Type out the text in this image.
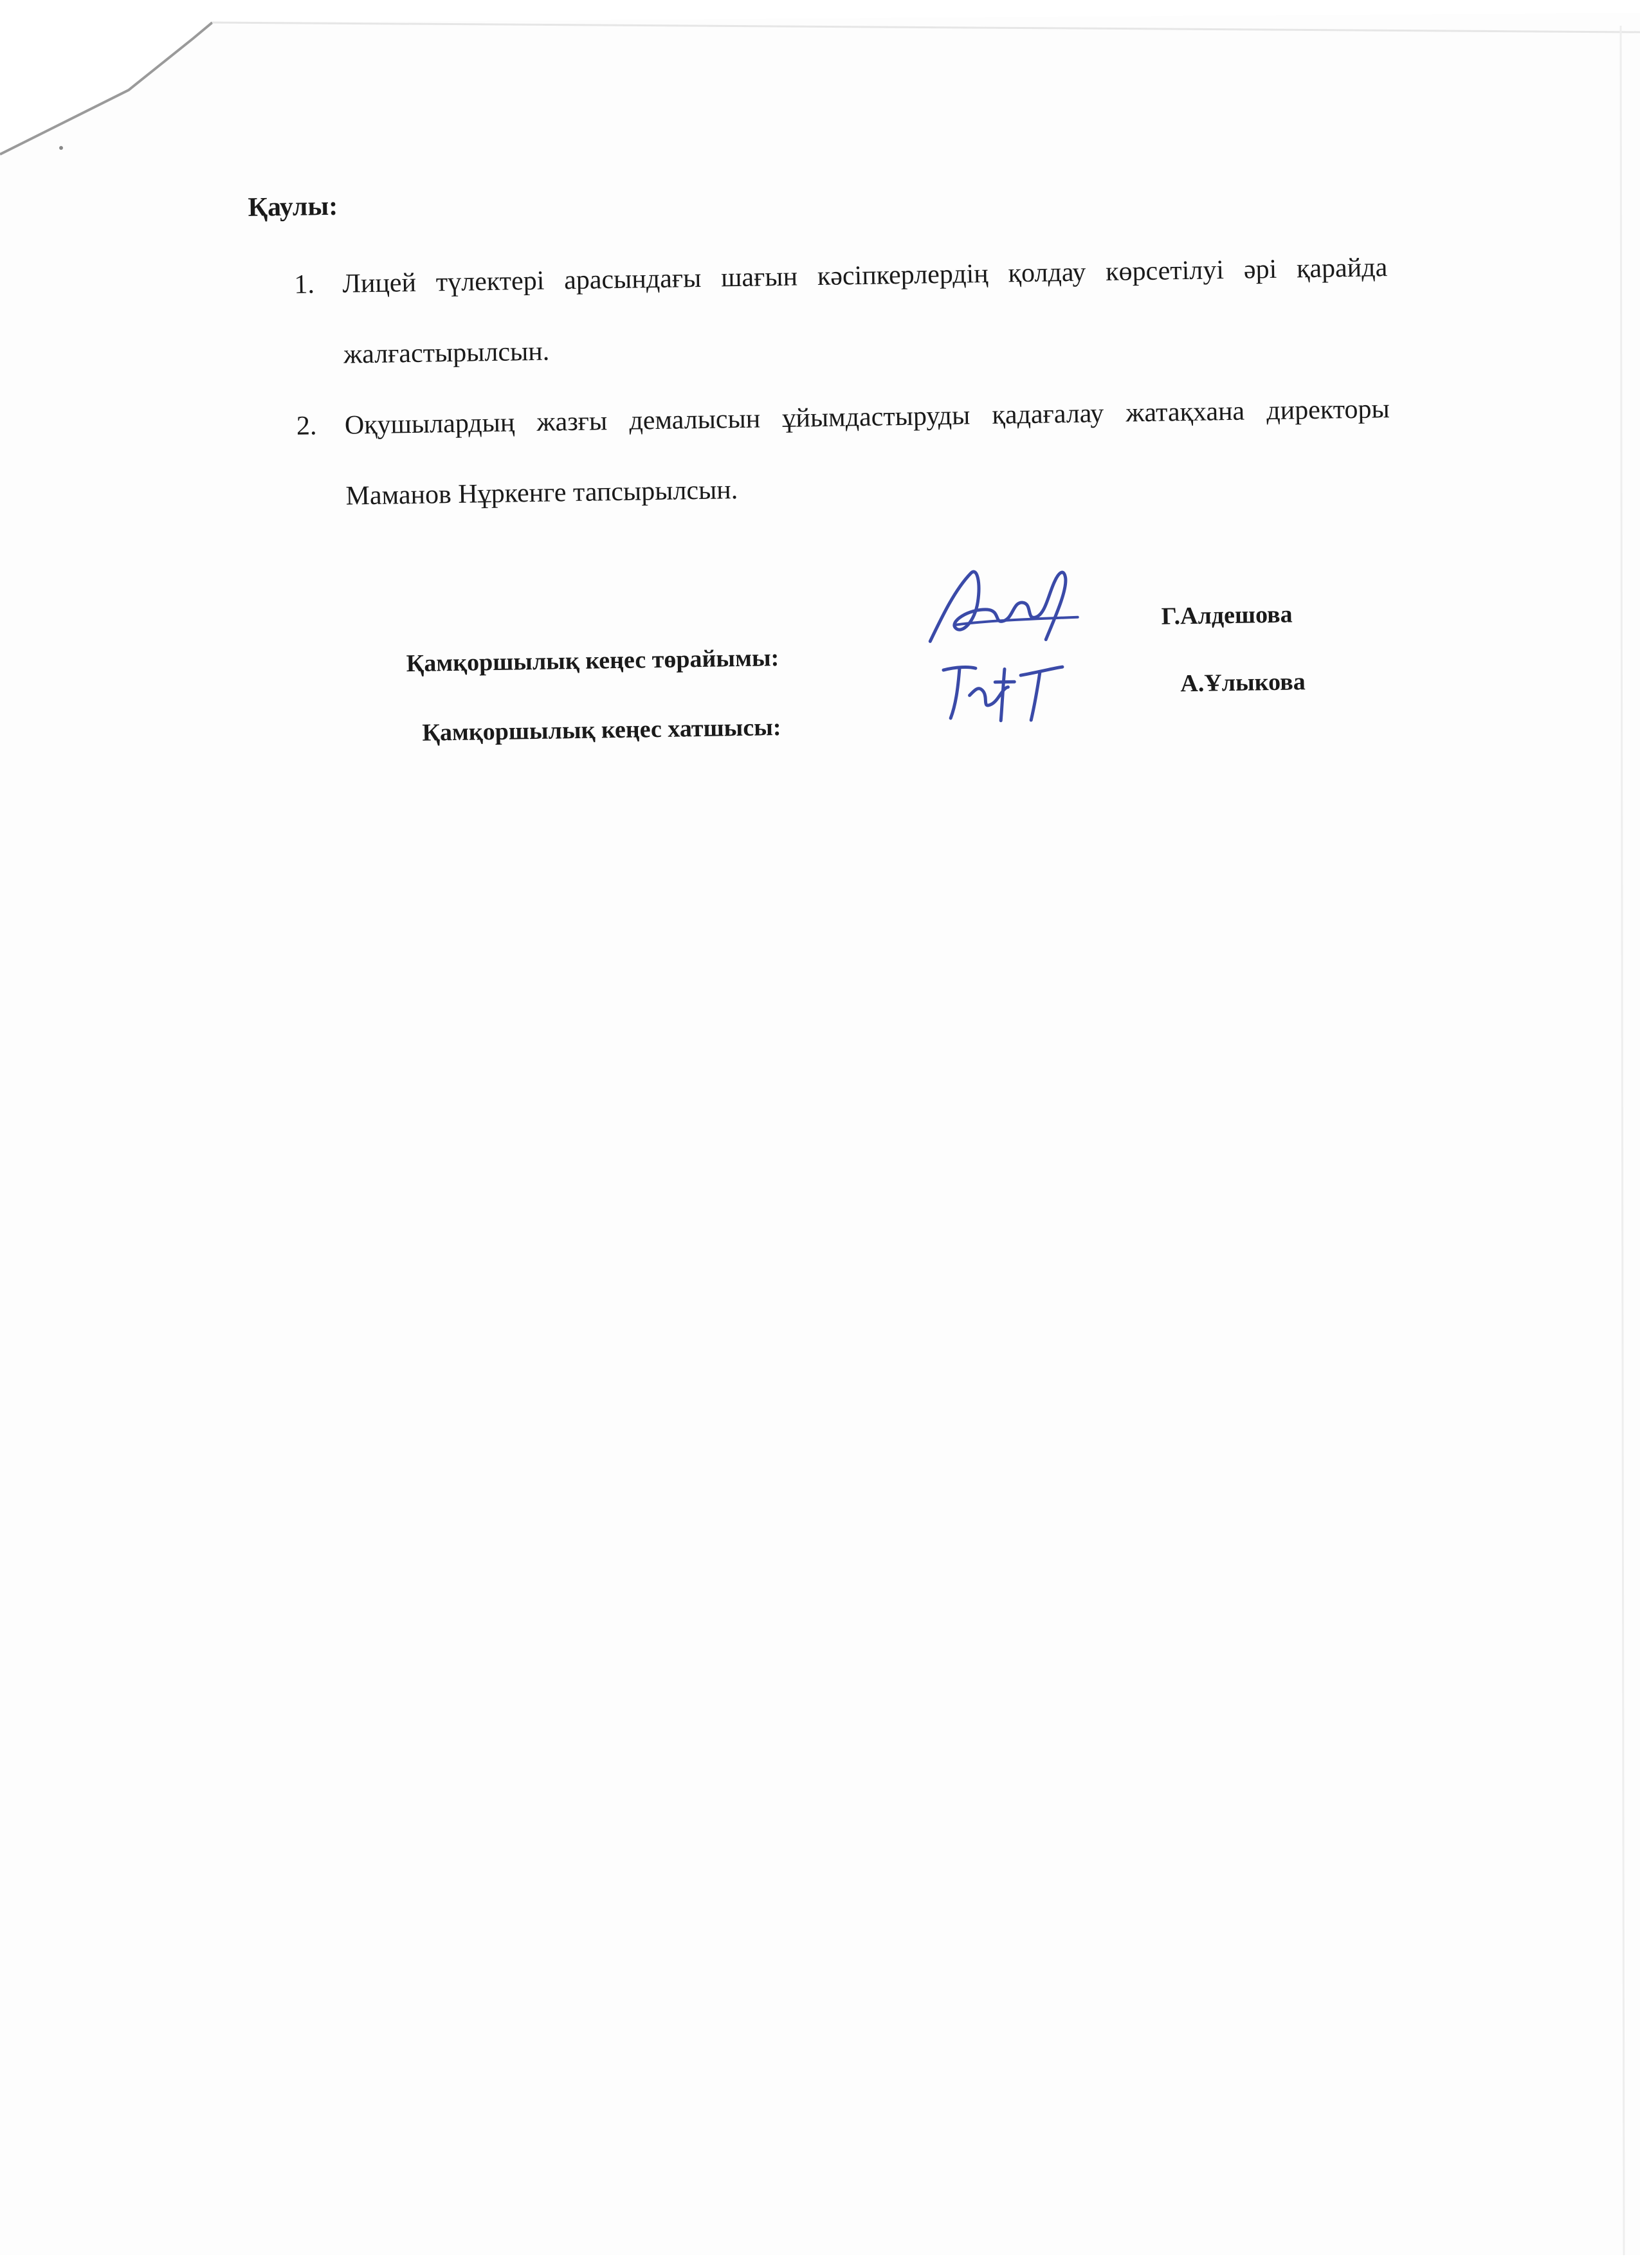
Қаулы:
1. Лицей түлектері арасындағы шағын кәсіпкерлердің қолдау көрсетілуі әрі қарайда жалғастырылсын.
2. Оқушылардың жазғы демалысын ұйымдастыруды қадағалау жатақхана директоры Маманов Нұркенге тапсырылсын.
Қамқоршылық кеңес төрайымы:
Г.Алдешова
Қамқоршылық кеңес хатшысы:
А.Ұлыкова
